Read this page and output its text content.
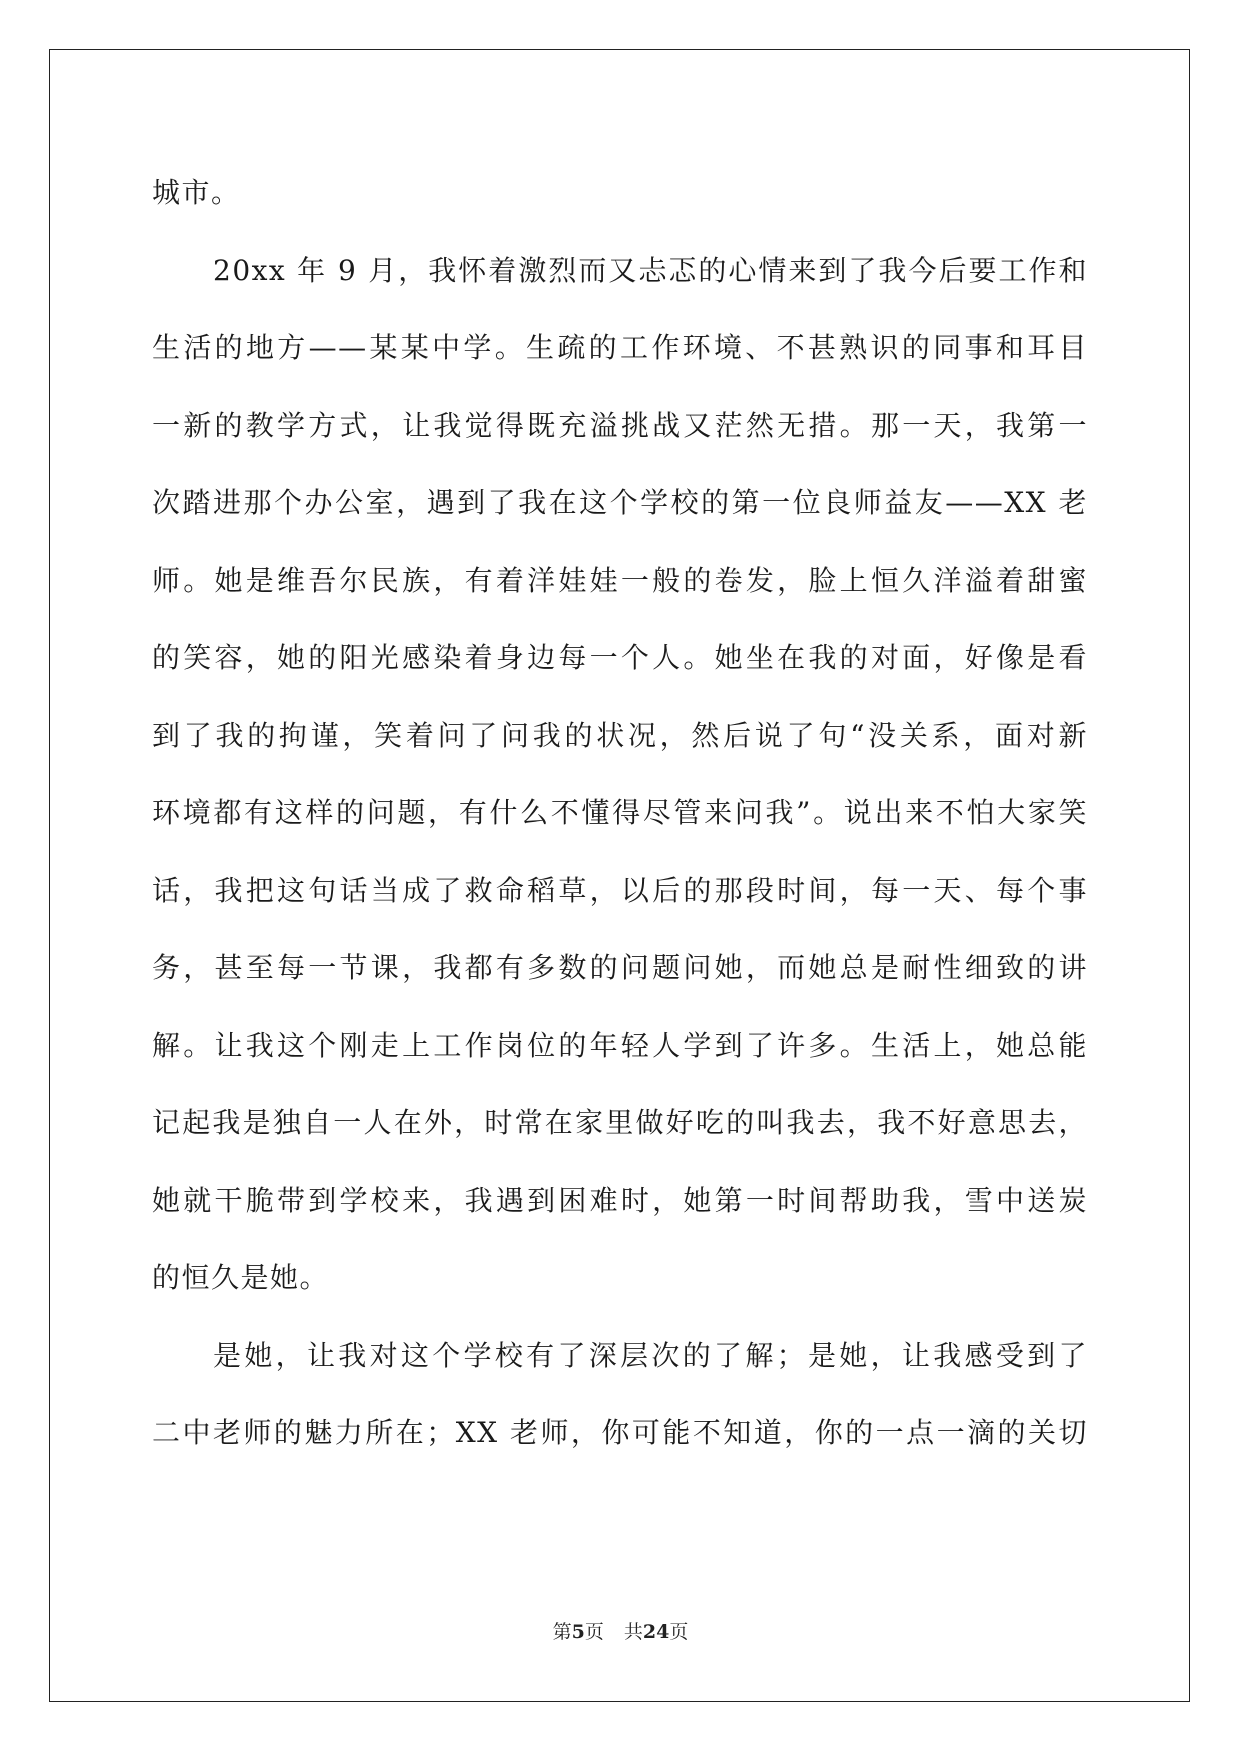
城市。
20xx 年 9 月，我怀着激烈而又忐忑的心情来到了我今后要工作和
生活的地方——某某中学。生疏的工作环境、不甚熟识的同事和耳目
一新的教学方式，让我觉得既充溢挑战又茫然无措。那一天，我第一
次踏进那个办公室，遇到了我在这个学校的第一位良师益友——XX 老
师。她是维吾尔民族，有着洋娃娃一般的卷发，脸上恒久洋溢着甜蜜
的笑容，她的阳光感染着身边每一个人。她坐在我的对面，好像是看
到了我的拘谨，笑着问了问我的状况，然后说了句“没关系，面对新
环境都有这样的问题，有什么不懂得尽管来问我”。说出来不怕大家笑
话，我把这句话当成了救命稻草，以后的那段时间，每一天、每个事
务，甚至每一节课，我都有多数的问题问她，而她总是耐性细致的讲
解。让我这个刚走上工作岗位的年轻人学到了许多。生活上，她总能
记起我是独自一人在外，时常在家里做好吃的叫我去，我不好意思去，
她就干脆带到学校来，我遇到困难时，她第一时间帮助我，雪中送炭
的恒久是她。
是她，让我对这个学校有了深层次的了解；是她，让我感受到了
二中老师的魅力所在；XX 老师，你可能不知道，你的一点一滴的关切
第5页 共24页
